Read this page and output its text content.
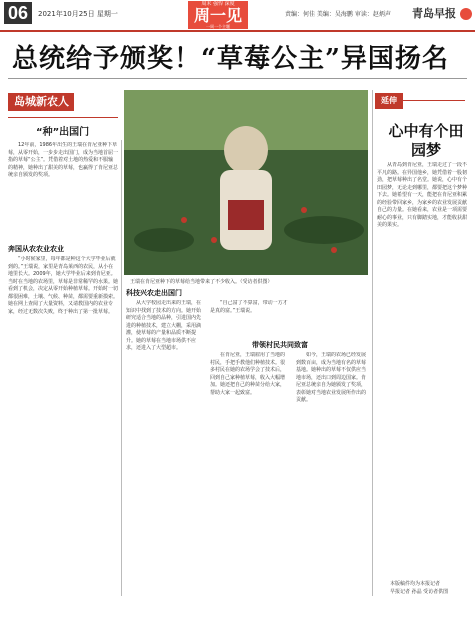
06	2021年10月25日 星期一
周末 强悍 深度
周一见
一周一个主题
责编：何佳 美编：吴海鹏 审读：赵炳声 青岛早报
总统给予颁奖！“草莓公主”异国扬名
岛城新农人
“种”出国门

12年前，1986年出生的王瑞在肯尼亚种下草莓，从零开始，一步步走出国门，成为当地首屈一指的草莓“公主”。凭借着对土地的热爱和不服输的精神，她种出了甜美的草莓，也赢得了肯尼亚总统亲自颁发的奖项。

奔国从农农业农业

“小时候家里，每年都是种这个大学毕业后就到的。”王瑞说，家里是青岛莱西的农民，从小在地里长大。2009年，她大学毕业后来到肯尼亚。当时在当地的农场里，草莓是非常稀罕的水果。她看到了机会，决定从零开始种植草莓。开始时一切都很困难，土壤、气候、种苗，都需要重新摸索。她在网上查阅了大量资料，又请教国内的农业专家，经过无数次失败，终于种出了第一批草莓。

王瑞在肯尼亚种下的草莓给当地带来了不少收入。（受访者供图）
科技兴农走出国门

从大学校园走出来的王瑞，在知识中找到了技术的方向。她开始研究适合当地的品种，引进国内先进的种植技术，建立大棚，采用滴灌，使草莓的产量和品质不断提升。她的草莓在当地市场供不应求，还进入了大型超市。

“自己富了不算富，带动一方才是真的富。”王瑞说。

带领村民共同致富

在肯尼亚，王瑞雇用了当地的村民，手把手教他们种植技术。很多村民在她的农场学会了技术后，回到自己家种植草莓，收入大幅增加。她还把自己的种苗分给大家，帮助大家一起致富。

如今，王瑞的农场已经发展到数百亩，成为当地有名的草莓基地。她种出的草莓不仅供应当地市场，还出口到周边国家。肯尼亚总统亲自为她颁发了奖项，表彰她对当地农业发展所作出的贡献。

延伸
心中有个田园梦

从青岛到肯尼亚，王瑞走过了一段不平凡的路。在异国他乡，她凭借着一股韧劲，把草莓种出了名堂。她说，心中有个田园梦，无论走到哪里，都要把这个梦种下去。她希望有一天，能把在肯尼亚积累的经验带回家乡，为家乡的农业发展贡献自己的力量。在她看来，农业是一项需要耐心的事业，只有脚踏实地，才能收获甜美的果实。

本版稿件均为本报记者
早报记者 孙晶 受访者供图
